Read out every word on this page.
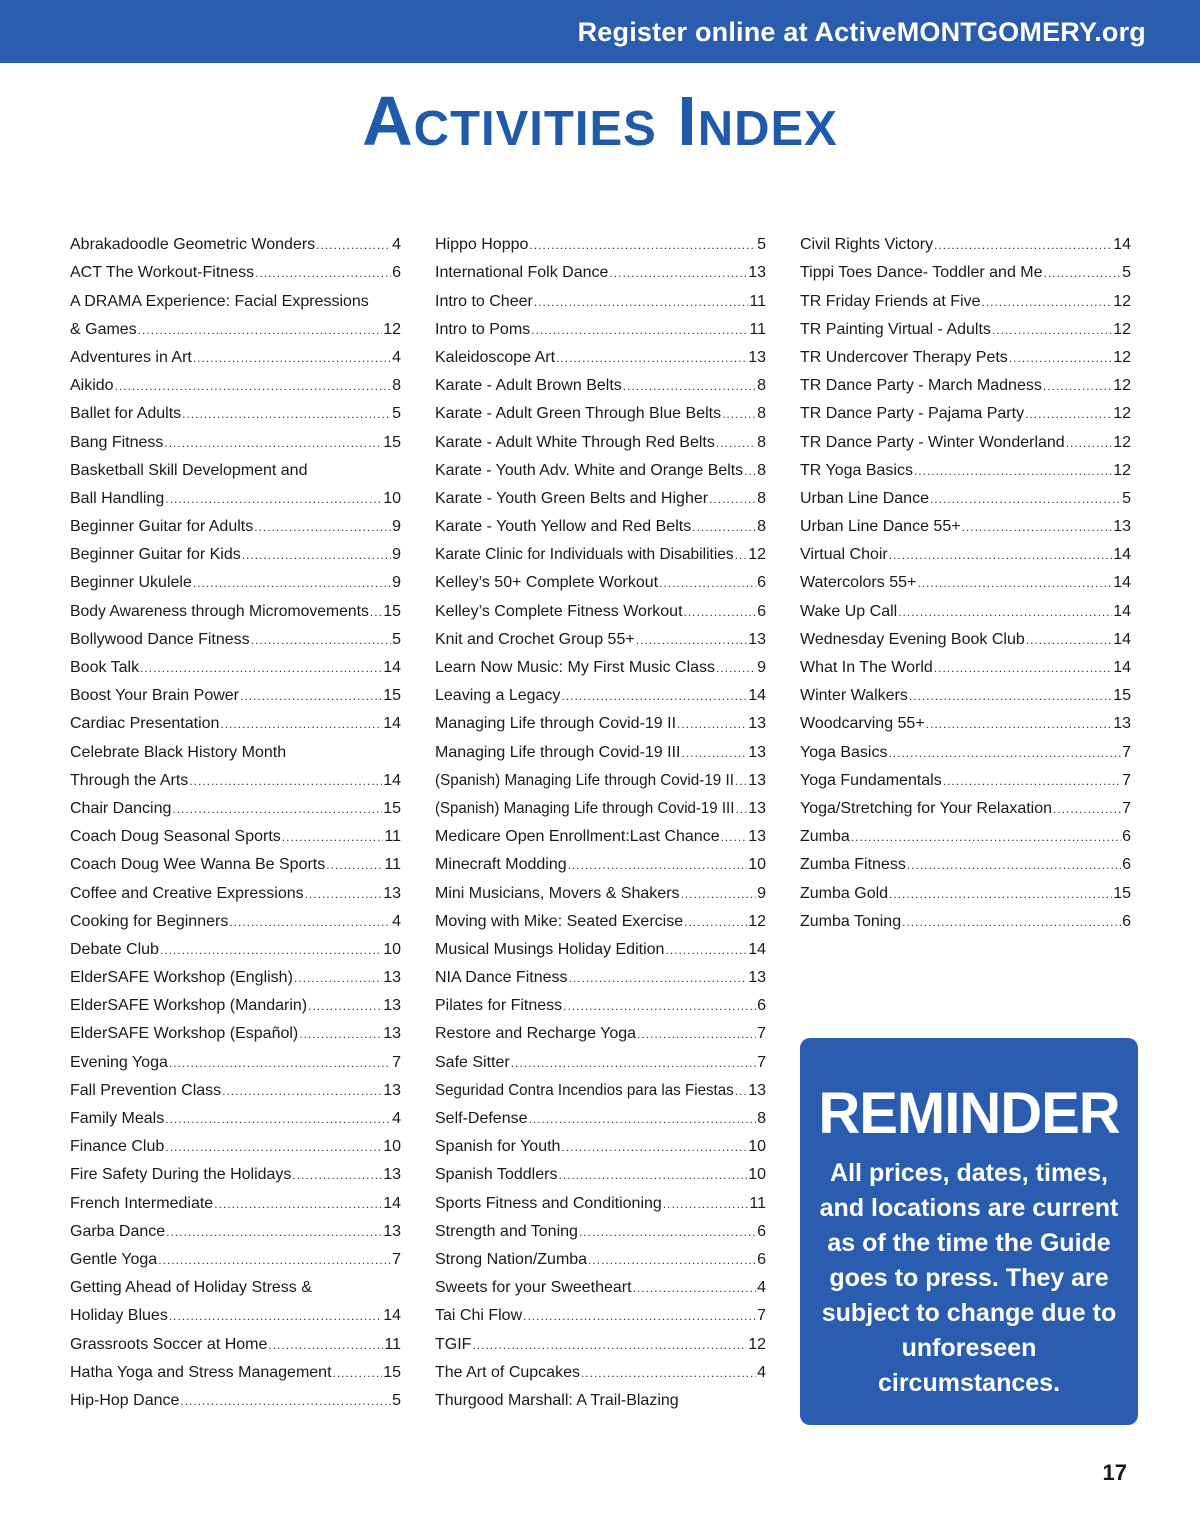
Register online at ActiveMONTGOMERY.org
Activities Index
Abrakadoodle Geometric Wonders .....	4
ACT The Workout-Fitness .....	6
A DRAMA Experience: Facial Expressions
& Games .....	12
Adventures in Art .....	4
Aikido .....	8
Ballet for Adults .....	5
Bang Fitness .....	15
Basketball Skill Development and
Ball Handling .....	10
Beginner Guitar for Adults .....	9
Beginner Guitar for Kids .....	9
Beginner Ukulele .....	9
Body Awareness through Micromovements ..... 15
Bollywood Dance Fitness .....	5
Book Talk .....	14
Boost Your Brain Power .....	15
Cardiac Presentation .....	14
Celebrate Black History Month
Through the Arts .....	14
Chair Dancing .....	15
Coach Doug Seasonal Sports .....	11
Coach Doug Wee Wanna Be Sports .....	11
Coffee and Creative Expressions .....	13
Cooking for Beginners .....	4
Debate Club .....	10
ElderSAFE Workshop (English) .....	13
ElderSAFE Workshop (Mandarin) .....	13
ElderSAFE Workshop (Español) .....	13
Evening Yoga .....	7
Fall Prevention Class .....	13
Family Meals .....	4
Finance Club .....	10
Fire Safety During the Holidays .....	13
French Intermediate .....	14
Garba Dance .....	13
Gentle Yoga .....	7
Getting Ahead of Holiday Stress &
Holiday Blues .....	14
Grassroots Soccer at Home .....	11
Hatha Yoga and Stress Management .....	15
Hip-Hop Dance .....	5
Hippo Hoppo .....	5
International Folk Dance .....	13
Intro to Cheer .....	11
Intro to Poms .....	11
Kaleidoscope Art .....	13
Karate - Adult Brown Belts .....	8
Karate - Adult Green Through Blue Belts ..... 8
Karate - Adult White Through Red Belts .....	8
Karate - Youth Adv. White and Orange Belts ..... 8
Karate - Youth Green Belts and Higher .....	8
Karate - Youth Yellow and Red Belts .....	8
Karate Clinic for Individuals with Disabilities ..... 12
Kelley’s 50+ Complete Workout .....	6
Kelley’s Complete Fitness Workout .....	6
Knit and Crochet Group 55+ .....	13
Learn Now Music: My First Music Class .....	9
Leaving a Legacy .....	14
Managing Life through Covid-19 II .....	13
Managing Life through Covid-19 III .....	13
(Spanish) Managing Life through Covid-19 II ..... 13
(Spanish) Managing Life through Covid-19 III ..... 13
Medicare Open Enrollment:Last Chance ..... 13
Minecraft Modding .....	10
Mini Musicians, Movers & Shakers .....	9
Moving with Mike: Seated Exercise .....	12
Musical Musings Holiday Edition .....	14
NIA Dance Fitness .....	13
Pilates for Fitness .....	6
Restore and Recharge Yoga .....	7
Safe Sitter .....	7
Seguridad Contra Incendios para las Fiestas ..... 13
Self-Defense .....	8
Spanish for Youth .....	10
Spanish Toddlers .....	10
Sports Fitness and Conditioning .....	11
Strength and Toning .....	6
Strong Nation/Zumba .....	6
Sweets for your Sweetheart .....	4
Tai Chi Flow .....	7
TGIF .....	12
The Art of Cupcakes .....	4
Thurgood Marshall: A Trail-Blazing
Civil Rights Victory .....	14
Tippi Toes Dance- Toddler and Me .....	5
TR Friday Friends at Five .....	12
TR Painting Virtual - Adults .....	12
TR Undercover Therapy Pets .....	12
TR Dance Party - March Madness .....	12
TR Dance Party - Pajama Party .....	12
TR Dance Party - Winter Wonderland .....	12
TR Yoga Basics .....	12
Urban Line Dance .....	5
Urban Line Dance 55+ .....	13
Virtual Choir .....	14
Watercolors 55+ .....	14
Wake Up Call .....	14
Wednesday Evening Book Club .....	14
What In The World .....	14
Winter Walkers .....	15
Woodcarving 55+ .....	13
Yoga Basics .....	7
Yoga Fundamentals .....	7
Yoga/Stretching for Your Relaxation .....	7
Zumba .....	6
Zumba Fitness .....	6
Zumba Gold .....	15
Zumba Toning .....	6
REMINDER
All prices, dates, times, and locations are current as of the time the Guide goes to press. They are subject to change due to unforeseen circumstances.
17
